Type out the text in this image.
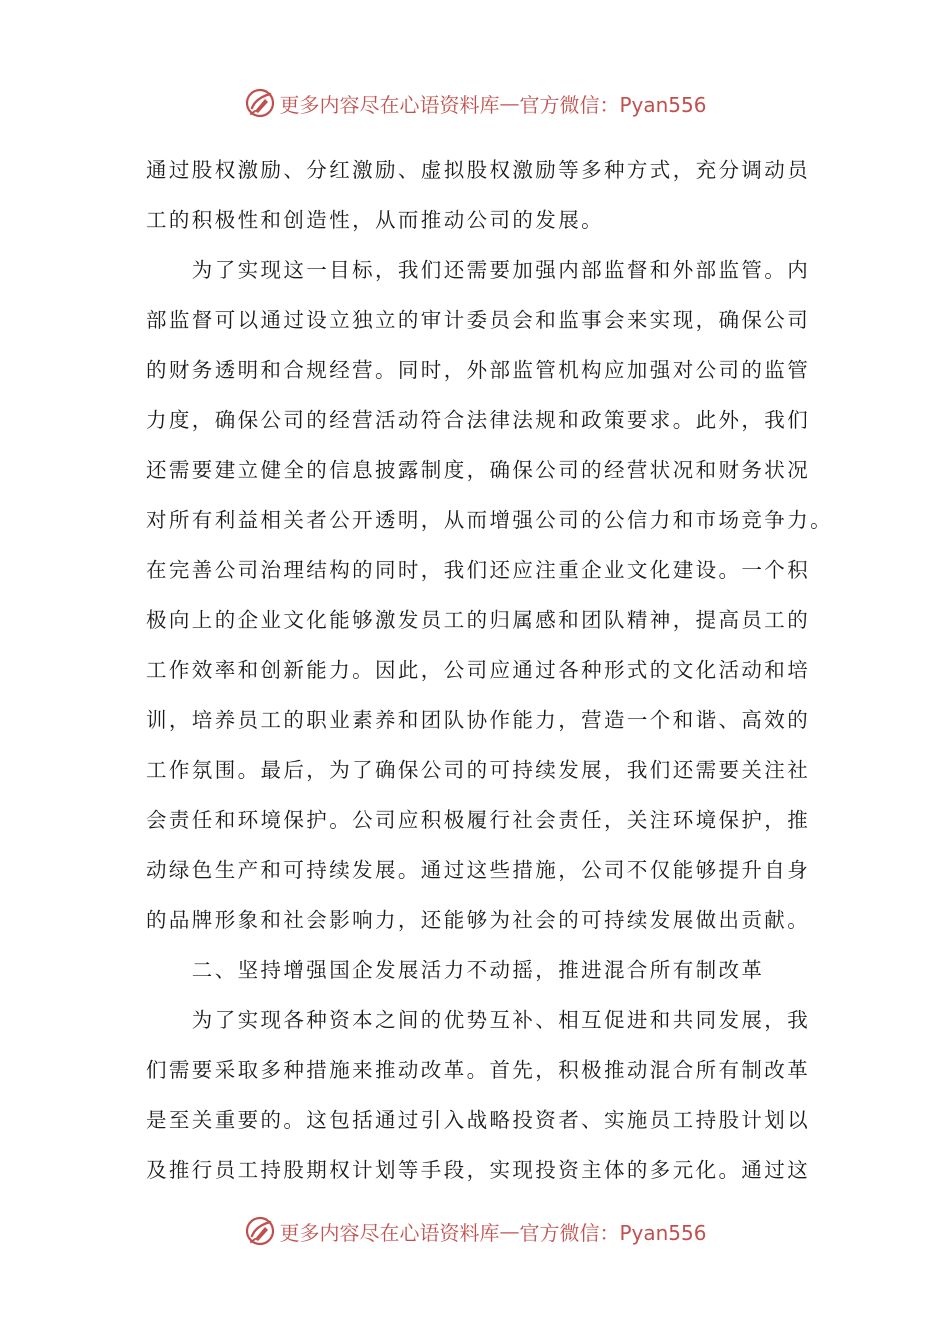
更多内容尽在心语资料库 — 官方微信：Pyan556
通过股权激励、分红激励、虚拟股权激励等多种方式，充分调动员
工的积极性和创造性，从而推动公司的发展。
　　为了实现这一目标，我们还需要加强内部监督和外部监管。内
部监督可以通过设立独立的审计委员会和监事会来实现，确保公司
的财务透明和合规经营。同时，外部监管机构应加强对公司的监管
力度，确保公司的经营活动符合法律法规和政策要求。此外，我们
还需要建立健全的信息披露制度，确保公司的经营状况和财务状况
对所有利益相关者公开透明，从而增强公司的公信力和市场竞争力。
在完善公司治理结构的同时，我们还应注重企业文化建设。一个积
极向上的企业文化能够激发员工的归属感和团队精神，提高员工的
工作效率和创新能力。因此，公司应通过各种形式的文化活动和培
训，培养员工的职业素养和团队协作能力，营造一个和谐、高效的
工作氛围。最后，为了确保公司的可持续发展，我们还需要关注社
会责任和环境保护。公司应积极履行社会责任，关注环境保护，推
动绿色生产和可持续发展。通过这些措施，公司不仅能够提升自身
的品牌形象和社会影响力，还能够为社会的可持续发展做出贡献。
　　二、坚持增强国企发展活力不动摇，推进混合所有制改革
　　为了实现各种资本之间的优势互补、相互促进和共同发展，我
们需要采取多种措施来推动改革。首先，积极推动混合所有制改革
是至关重要的。这包括通过引入战略投资者、实施员工持股计划以
及推行员工持股期权计划等手段，实现投资主体的多元化。通过这
更多内容尽在心语资料库 — 官方微信：Pyan556
